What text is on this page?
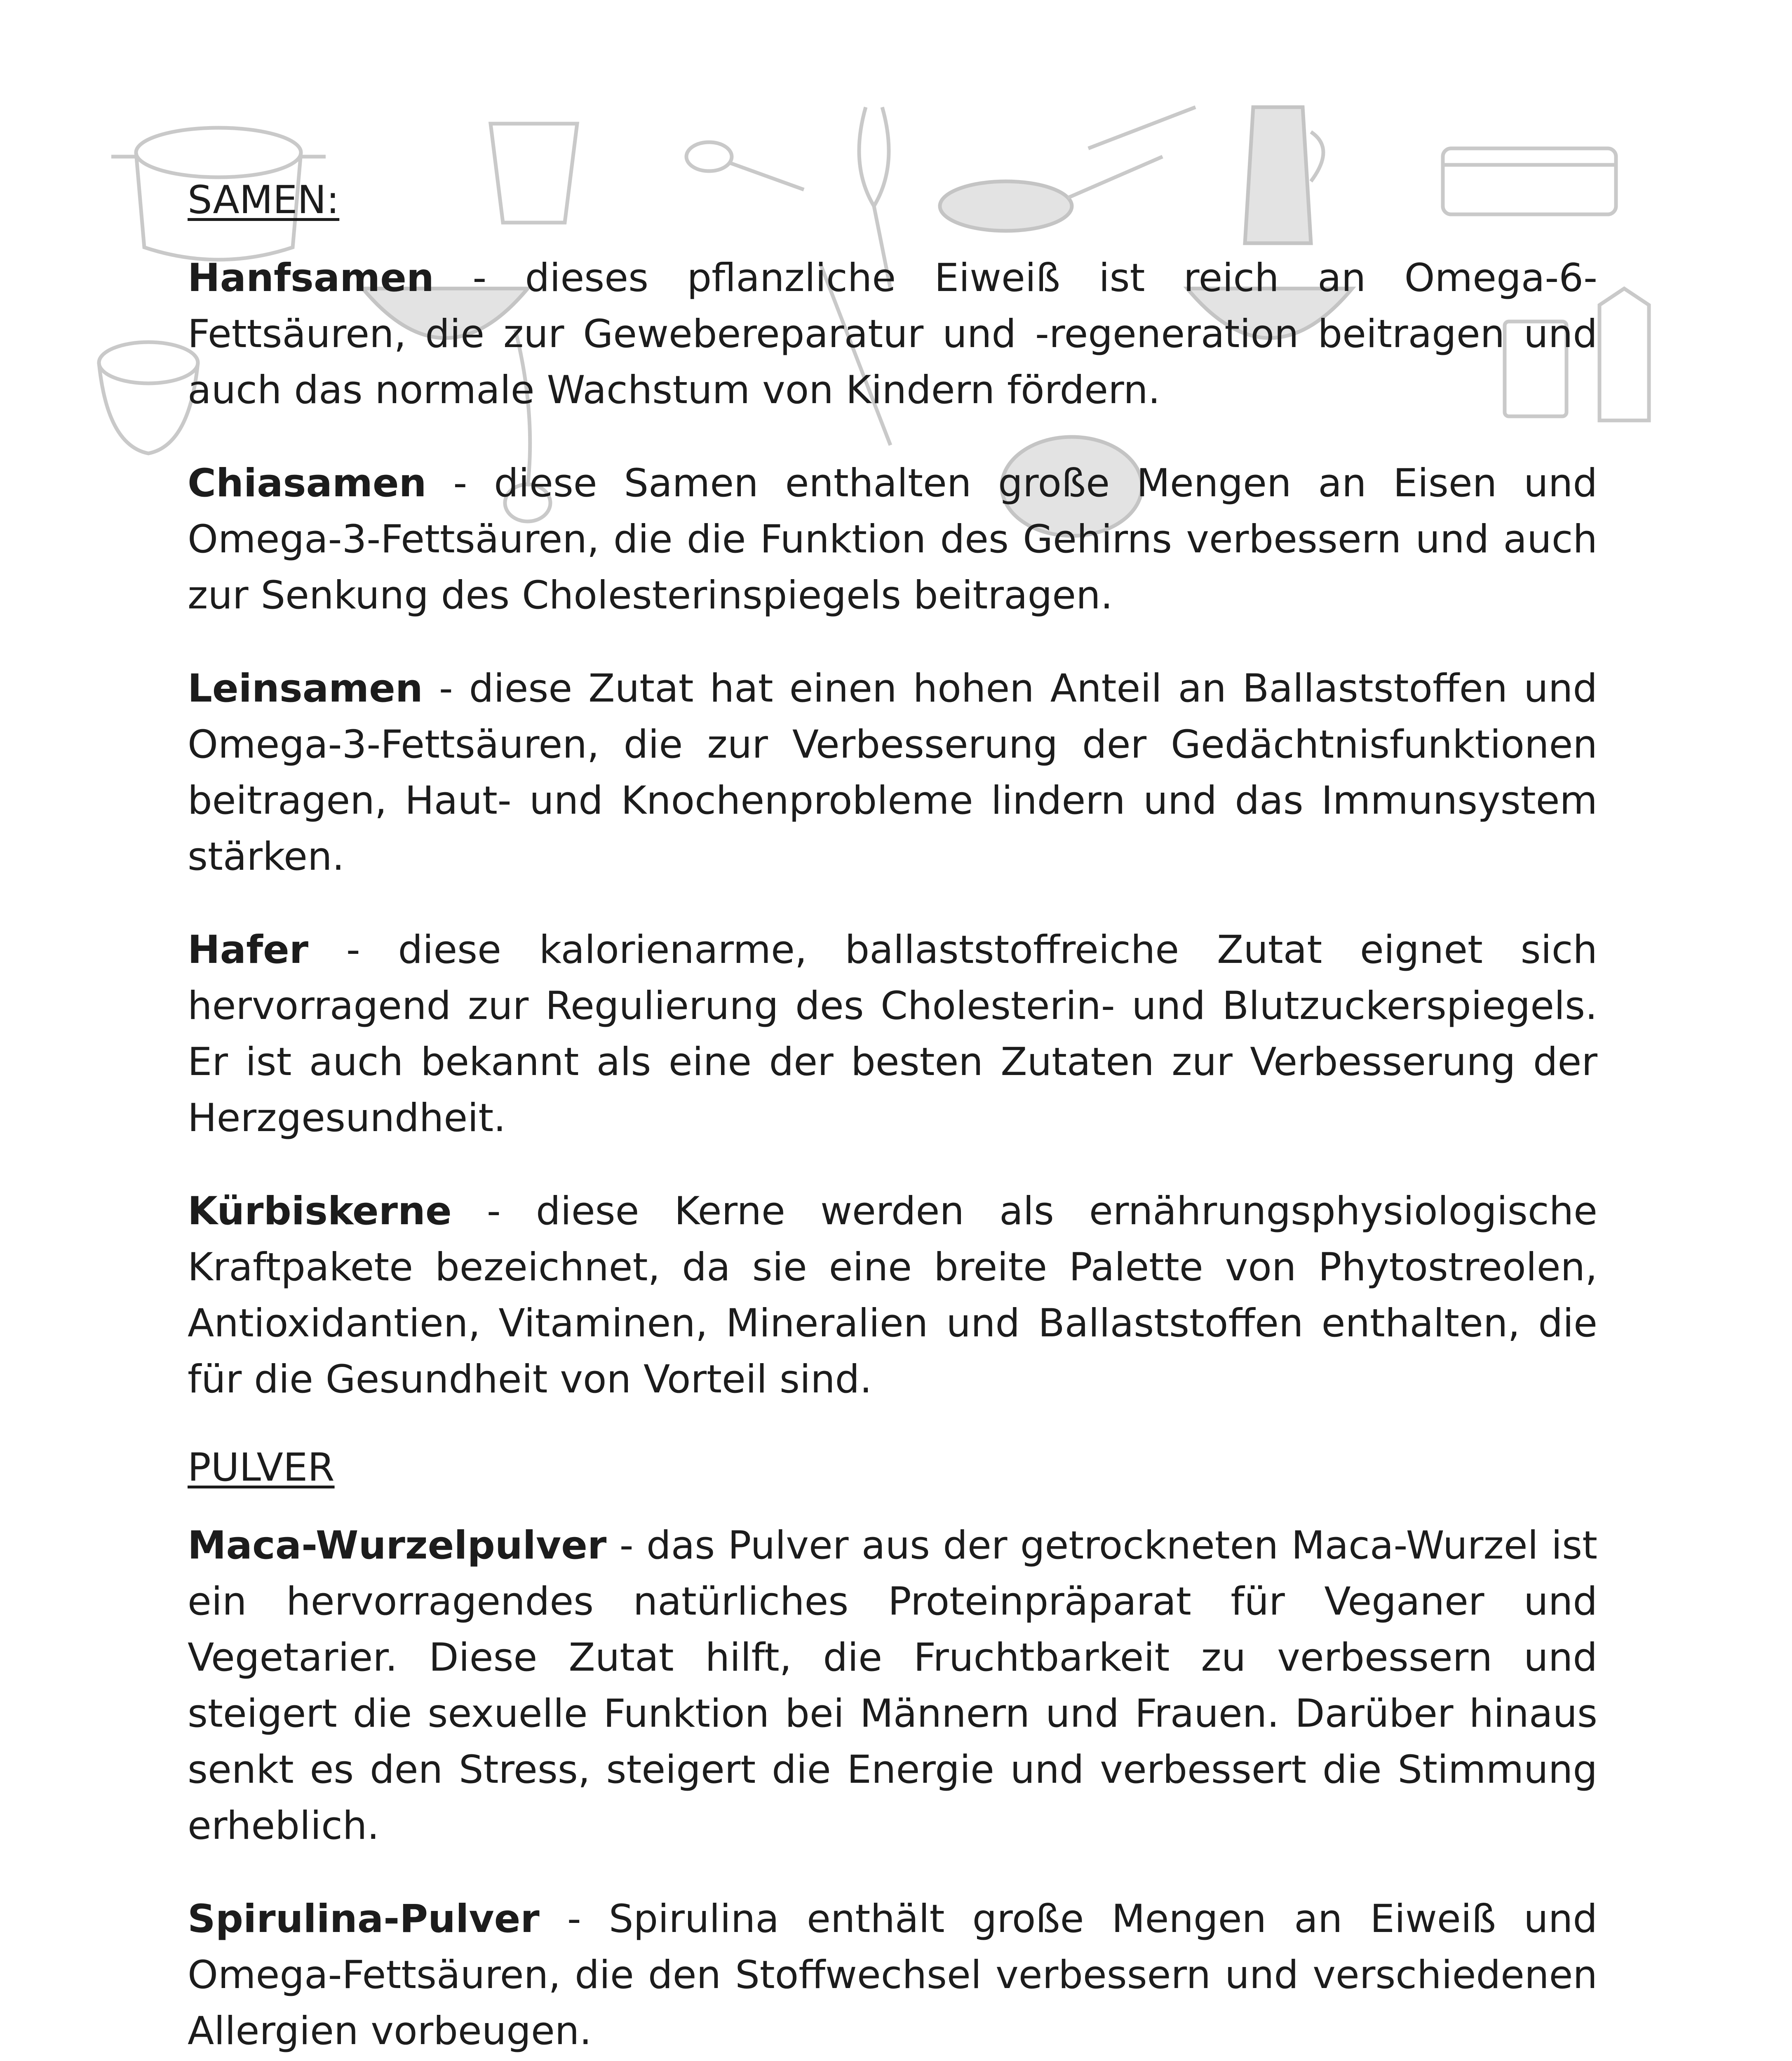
SAMEN:

Hanfsamen - dieses pflanzliche Eiweiß ist reich an Omega-6-Fettsäuren, die zur Gewebereparatur und -regeneration beitragen und auch das normale Wachstum von Kindern fördern.

Chiasamen - diese Samen enthalten große Mengen an Eisen und Omega-3-Fettsäuren, die die Funktion des Gehirns verbessern und auch zur Senkung des Cholesterinspiegels beitragen.

Leinsamen - diese Zutat hat einen hohen Anteil an Ballaststoffen und Omega-3-Fettsäuren, die zur Verbesserung der Gedächtnisfunktionen beitragen, Haut- und Knochenprobleme lindern und das Immunsystem stärken.

Hafer - diese kalorienarme, ballaststoffreiche Zutat eignet sich hervorragend zur Regulierung des Cholesterin- und Blutzuckerspiegels. Er ist auch bekannt als eine der besten Zutaten zur Verbesserung der Herzgesundheit.

Kürbiskerne - diese Kerne werden als ernährungsphysiologische Kraftpakete bezeichnet, da sie eine breite Palette von Phytostreolen, Antioxidantien, Vitaminen, Mineralien und Ballaststoffen enthalten, die für die Gesundheit von Vorteil sind.

PULVER

Maca-Wurzelpulver - das Pulver aus der getrockneten Maca-Wurzel ist ein hervorragendes natürliches Proteinpräparat für Veganer und Vegetarier. Diese Zutat hilft, die Fruchtbarkeit zu verbessern und steigert die sexuelle Funktion bei Männern und Frauen. Darüber hinaus senkt es den Stress, steigert die Energie und verbessert die Stimmung erheblich.

Spirulina-Pulver - Spirulina enthält große Mengen an Eiweiß und Omega-Fettsäuren, die den Stoffwechsel verbessern und verschiedenen Allergien vorbeugen.
